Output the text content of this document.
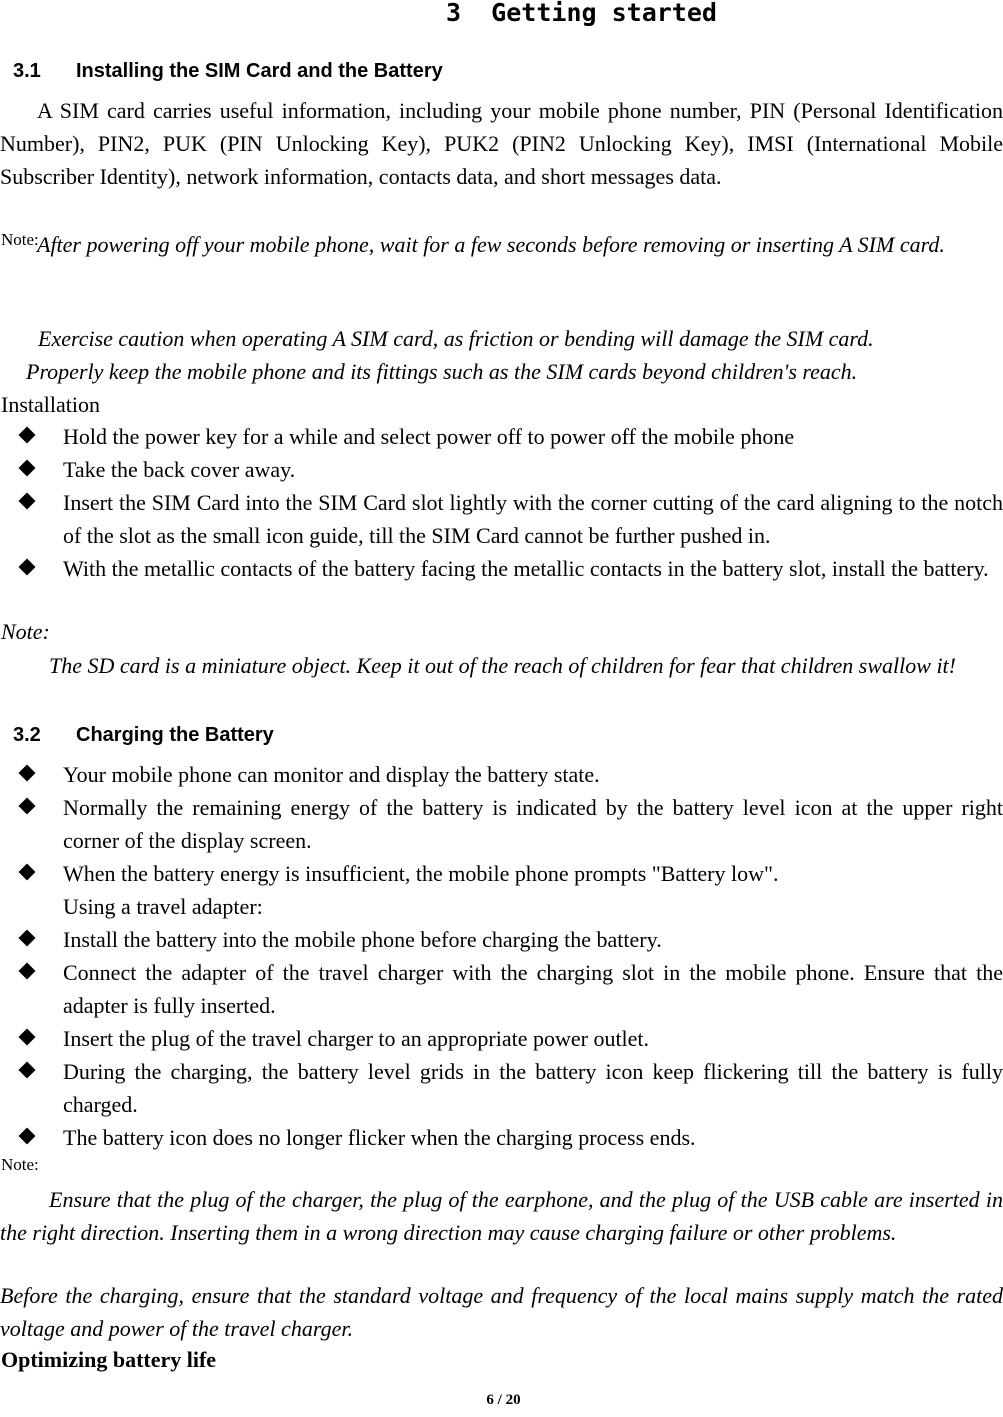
3  Getting started
3.1 Installing the SIM Card and the Battery
A SIM card carries useful information, including your mobile phone number, PIN (Personal Identification Number), PIN2, PUK (PIN Unlocking Key), PUK2 (PIN2 Unlocking Key), IMSI (International Mobile Subscriber Identity), network information, contacts data, and short messages data.
Note:
After powering off your mobile phone, wait for a few seconds before removing or inserting A SIM card.
Exercise caution when operating A SIM card, as friction or bending will damage the SIM card.
Properly keep the mobile phone and its fittings such as the SIM cards beyond children's reach.
Installation
Hold the power key for a while and select power off to power off the mobile phone
Take the back cover away.
Insert the SIM Card into the SIM Card slot lightly with the corner cutting of the card aligning to the notch of the slot as the small icon guide, till the SIM Card cannot be further pushed in.
With the metallic contacts of the battery facing the metallic contacts in the battery slot, install the battery.
Note:
The SD card is a miniature object. Keep it out of the reach of children for fear that children swallow it!
3.2 Charging the Battery
Your mobile phone can monitor and display the battery state.
Normally the remaining energy of the battery is indicated by the battery level icon at the upper right corner of the display screen.
When the battery energy is insufficient, the mobile phone prompts "Battery low".
Using a travel adapter:
Install the battery into the mobile phone before charging the battery.
Connect the adapter of the travel charger with the charging slot in the mobile phone. Ensure that the adapter is fully inserted.
Insert the plug of the travel charger to an appropriate power outlet.
During the charging, the battery level grids in the battery icon keep flickering till the battery is fully charged.
The battery icon does no longer flicker when the charging process ends.
Note:
Ensure that the plug of the charger, the plug of the earphone, and the plug of the USB cable are inserted in the right direction. Inserting them in a wrong direction may cause charging failure or other problems.
Before the charging, ensure that the standard voltage and frequency of the local mains supply match the rated voltage and power of the travel charger.
Optimizing battery life
6 / 20
